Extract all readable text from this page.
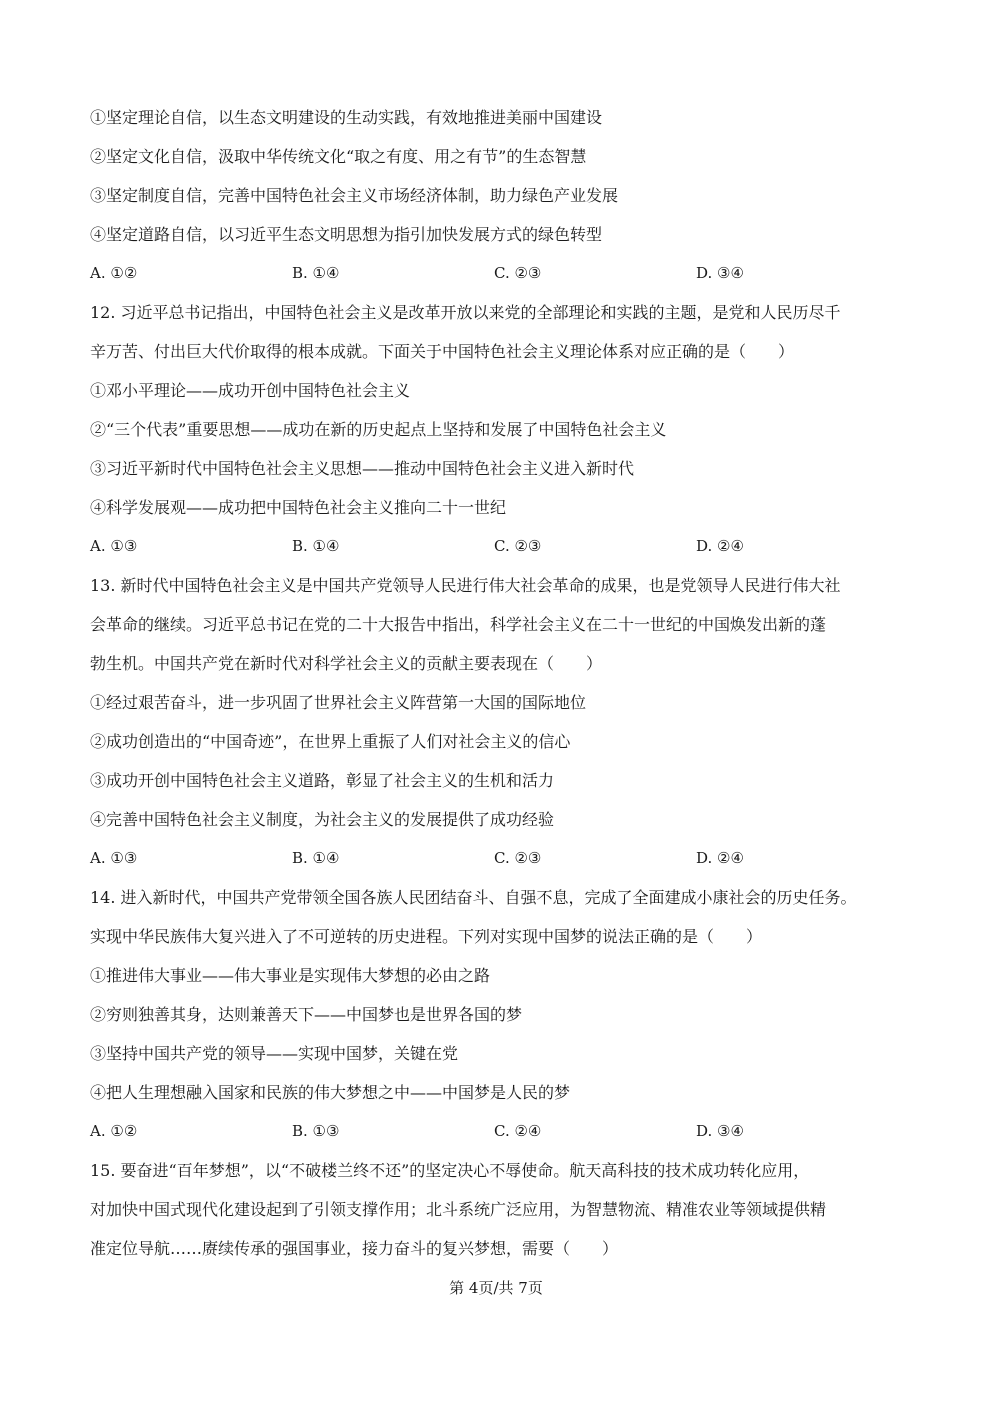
①坚定理论自信，以生态文明建设的生动实践，有效地推进美丽中国建设
②坚定文化自信，汲取中华传统文化“取之有度、用之有节”的生态智慧
③坚定制度自信，完善中国特色社会主义市场经济体制，助力绿色产业发展
④坚定道路自信，以习近平生态文明思想为指引加快发展方式的绿色转型
A. ①②	B. ①④	C. ②③	D. ③④
12. 习近平总书记指出，中国特色社会主义是改革开放以来党的全部理论和实践的主题，是党和人民历尽千
辛万苦、付出巨大代价取得的根本成就。下面关于中国特色社会主义理论体系对应正确的是（　　）
①邓小平理论——成功开创中国特色社会主义
②“三个代表”重要思想——成功在新的历史起点上坚持和发展了中国特色社会主义
③习近平新时代中国特色社会主义思想——推动中国特色社会主义进入新时代
④科学发展观——成功把中国特色社会主义推向二十一世纪
A. ①③	B. ①④	C. ②③	D. ②④
13. 新时代中国特色社会主义是中国共产党领导人民进行伟大社会革命的成果，也是党领导人民进行伟大社
会革命的继续。习近平总书记在党的二十大报告中指出，科学社会主义在二十一世纪的中国焕发出新的蓬
勃生机。中国共产党在新时代对科学社会主义的贡献主要表现在（　　）
①经过艰苦奋斗，进一步巩固了世界社会主义阵营第一大国的国际地位
②成功创造出的“中国奇迹”，在世界上重振了人们对社会主义的信心
③成功开创中国特色社会主义道路，彰显了社会主义的生机和活力
④完善中国特色社会主义制度，为社会主义的发展提供了成功经验
A. ①③	B. ①④	C. ②③	D. ②④
14. 进入新时代，中国共产党带领全国各族人民团结奋斗、自强不息，完成了全面建成小康社会的历史任务。
实现中华民族伟大复兴进入了不可逆转的历史进程。下列对实现中国梦的说法正确的是（　　）
①推进伟大事业——伟大事业是实现伟大梦想的必由之路
②穷则独善其身，达则兼善天下——中国梦也是世界各国的梦
③坚持中国共产党的领导——实现中国梦，关键在党
④把人生理想融入国家和民族的伟大梦想之中——中国梦是人民的梦
A. ①②	B. ①③	C. ②④	D. ③④
15. 要奋进“百年梦想”，以“不破楼兰终不还”的坚定决心不辱使命。航天高科技的技术成功转化应用，
对加快中国式现代化建设起到了引领支撑作用；北斗系统广泛应用，为智慧物流、精准农业等领域提供精
准定位导航……赓续传承的强国事业，接力奋斗的复兴梦想，需要（　　）
第 4页/共 7页
